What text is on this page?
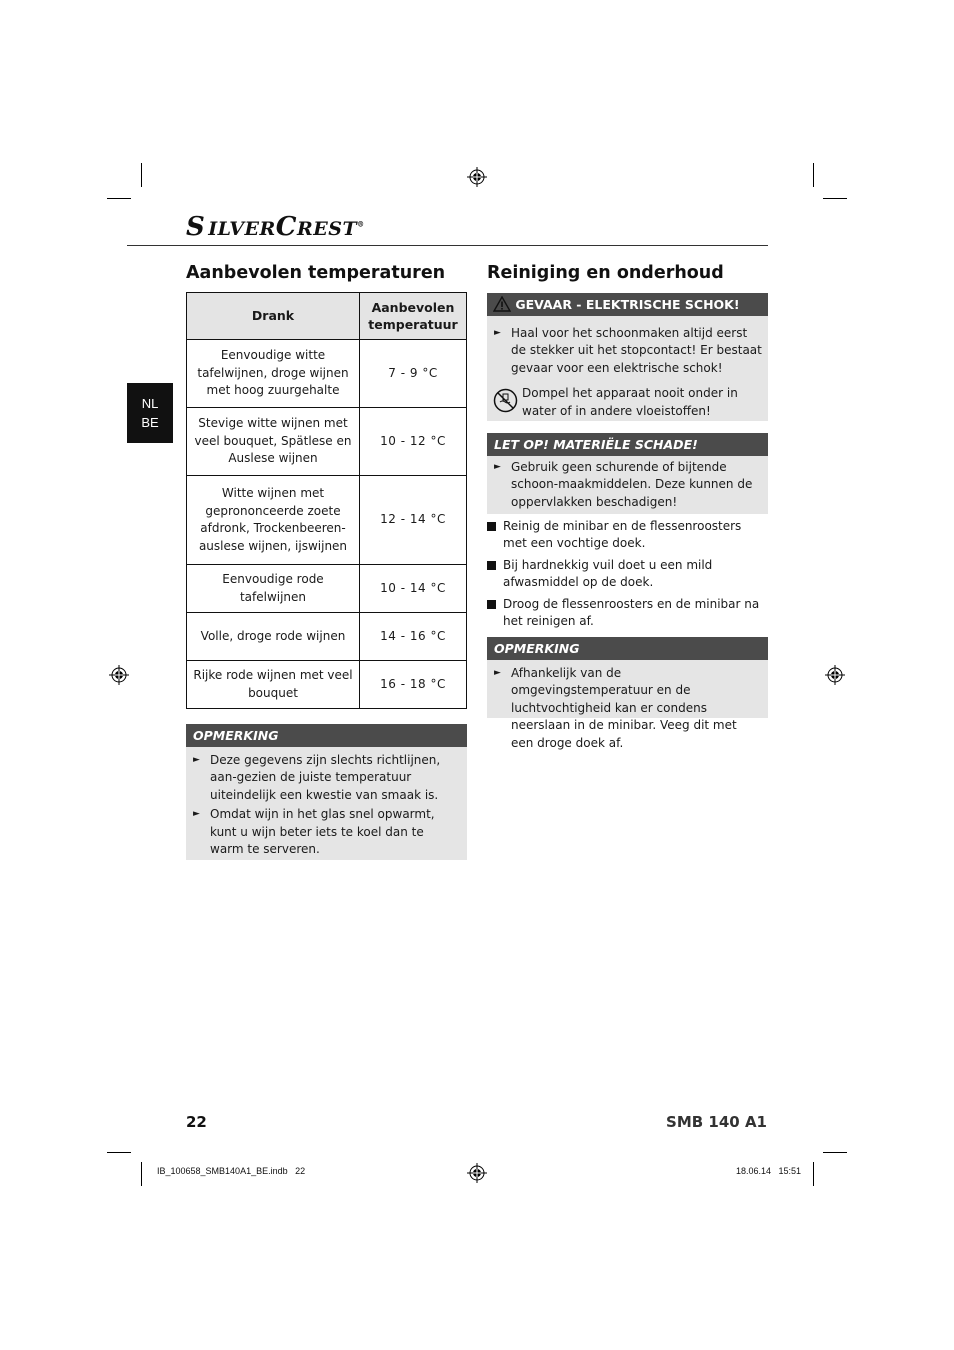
S ILVERCREST®
NL
BE
Aanbevolen temperaturen
Drank	Aanbevolen temperatuur
Eenvoudige witte tafelwijnen, droge wijnen met hoog zuurgehalte	7 - 9 °C
Stevige witte wijnen met veel bouquet, Spätlese en Auslese wijnen	10 - 12 °C
Witte wijnen met geprononceerde zoete afdronk, Trockenbeeren-auslese wijnen, ijswijnen	12 - 14 °C
Eenvoudige rode tafelwijnen	10 - 14 °C
Volle, droge rode wijnen	14 - 16 °C
Rijke rode wijnen met veel bouquet	16 - 18 °C
OPMERKING
► Deze gegevens zijn slechts richtlijnen, aan-gezien de juiste temperatuur uiteindelijk een kwestie van smaak is.
► Omdat wijn in het glas snel opwarmt, kunt u wijn beter iets te koel dan te warm te serveren.
Reiniging en onderhoud
GEVAAR - ELEKTRISCHE SCHOK!
► Haal voor het schoonmaken altijd eerst de stekker uit het stopcontact! Er bestaat gevaar voor een elektrische schok!
Dompel het apparaat nooit onder in water of in andere vloeistoffen!
LET OP! MATERIËLE SCHADE!
► Gebruik geen schurende of bijtende schoon-maakmiddelen. Deze kunnen de oppervlakken beschadigen!
Reinig de minibar en de flessenroosters met een vochtige doek.
Bij hardnekkig vuil doet u een mild afwasmiddel op de doek.
Droog de flessenroosters en de minibar na het reinigen af.
OPMERKING
► Afhankelijk van de omgevingstemperatuur en de luchtvochtigheid kan er condens neerslaan in de minibar. Veeg dit met een droge doek af.
22	SMB 140 A1
IB_100658_SMB140A1_BE.indb   22	18.06.14   15:51
